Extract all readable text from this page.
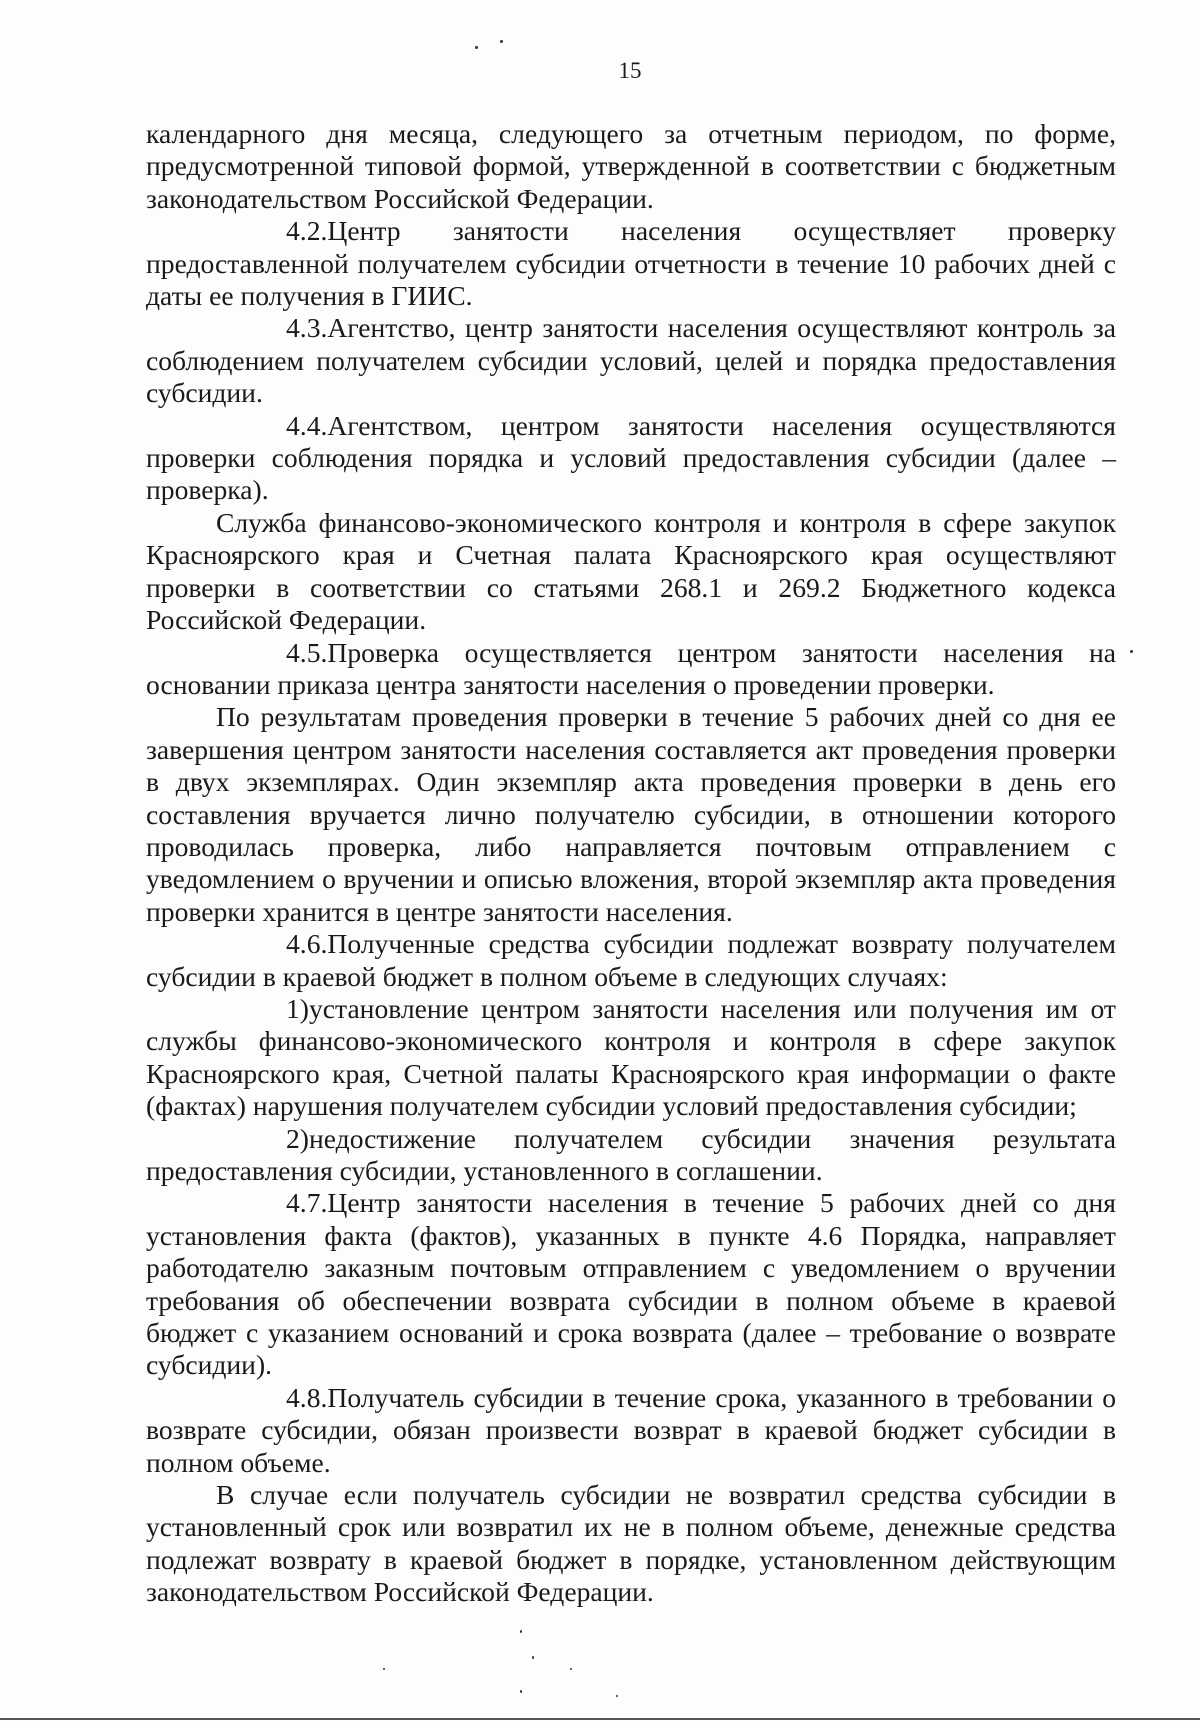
15

календарного дня месяца, следующего за отчетным периодом, по форме, предусмотренной типовой формой, утвержденной в соответствии с бюджетным законодательством Российской Федерации.

4.2.Центр занятости населения осуществляет проверку предоставленной получателем субсидии отчетности в течение 10 рабочих дней с даты ее получения в ГИИС.

4.3.Агентство, центр занятости населения осуществляют контроль за соблюдением получателем субсидии условий, целей и порядка предоставления субсидии.

4.4.Агентством, центром занятости населения осуществляются проверки соблюдения порядка и условий предоставления субсидии (далее – проверка).

Служба финансово-экономического контроля и контроля в сфере закупок Красноярского края и Счетная палата Красноярского края осуществляют проверки в соответствии со статьями 268.1 и 269.2 Бюджетного кодекса Российской Федерации.

4.5.Проверка осуществляется центром занятости населения на основании приказа центра занятости населения о проведении проверки.

По результатам проведения проверки в течение 5 рабочих дней со дня ее завершения центром занятости населения составляется акт проведения проверки в двух экземплярах. Один экземпляр акта проведения проверки в день его составления вручается лично получателю субсидии, в отношении которого проводилась проверка, либо направляется почтовым отправлением с уведомлением о вручении и описью вложения, второй экземпляр акта проведения проверки хранится в центре занятости населения.

4.6.Полученные средства субсидии подлежат возврату получателем субсидии в краевой бюджет в полном объеме в следующих случаях:

1)установление центром занятости населения или получения им от службы финансово-экономического контроля и контроля в сфере закупок Красноярского края, Счетной палаты Красноярского края информации о факте (фактах) нарушения получателем субсидии условий предоставления субсидии;

2)недостижение получателем субсидии значения результата предоставления субсидии, установленного в соглашении.

4.7.Центр занятости населения в течение 5 рабочих дней со дня установления факта (фактов), указанных в пункте 4.6 Порядка, направляет работодателю заказным почтовым отправлением с уведомлением о вручении требования об обеспечении возврата субсидии в полном объеме в краевой бюджет с указанием оснований и срока возврата (далее – требование о возврате субсидии).

4.8.Получатель субсидии в течение срока, указанного в требовании о возврате субсидии, обязан произвести возврат в краевой бюджет субсидии в полном объеме.

В случае если получатель субсидии не возвратил средства субсидии в установленный срок или возвратил их не в полном объеме, денежные средства подлежат возврату в краевой бюджет в порядке, установленном действующим законодательством Российской Федерации.
